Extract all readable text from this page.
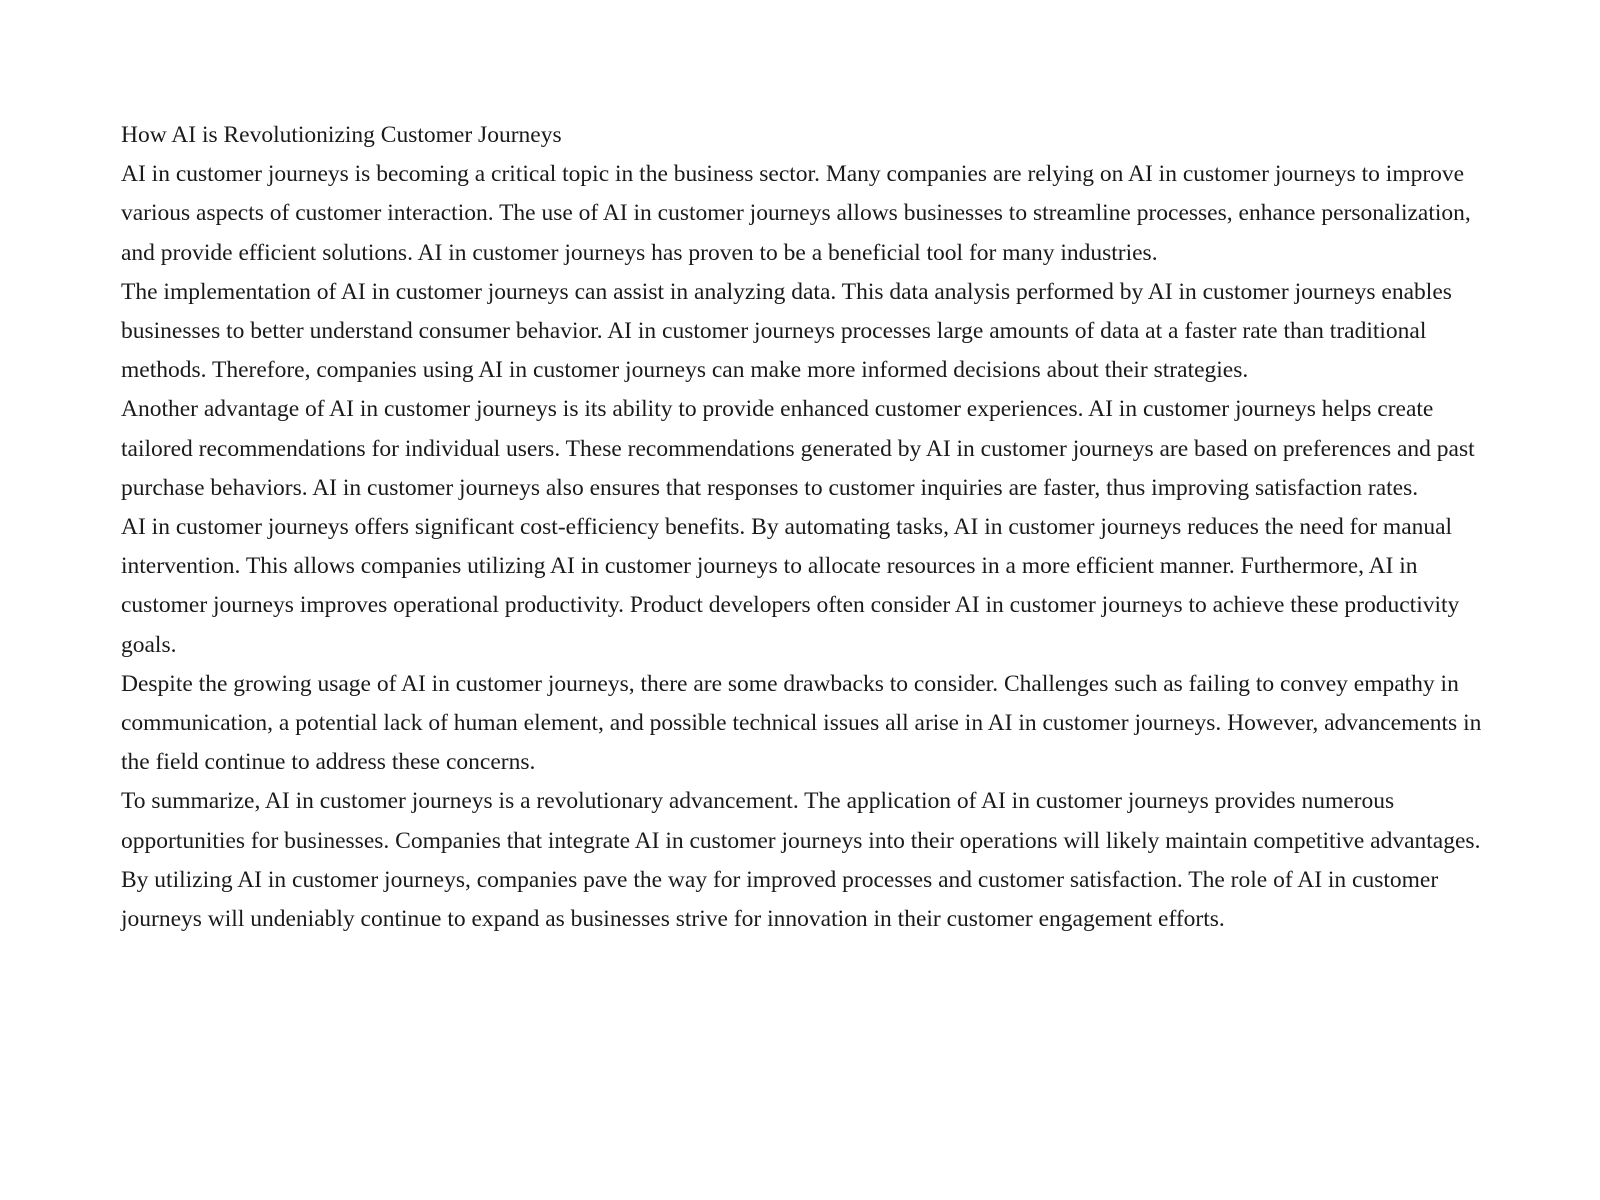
How AI is Revolutionizing Customer Journeys

AI in customer journeys is becoming a critical topic in the business sector. Many companies are relying on AI in customer journeys to improve various aspects of customer interaction. The use of AI in customer journeys allows businesses to streamline processes, enhance personalization, and provide efficient solutions. AI in customer journeys has proven to be a beneficial tool for many industries.

The implementation of AI in customer journeys can assist in analyzing data. This data analysis performed by AI in customer journeys enables businesses to better understand consumer behavior. AI in customer journeys processes large amounts of data at a faster rate than traditional methods. Therefore, companies using AI in customer journeys can make more informed decisions about their strategies.

Another advantage of AI in customer journeys is its ability to provide enhanced customer experiences. AI in customer journeys helps create tailored recommendations for individual users. These recommendations generated by AI in customer journeys are based on preferences and past purchase behaviors. AI in customer journeys also ensures that responses to customer inquiries are faster, thus improving satisfaction rates.

AI in customer journeys offers significant cost-efficiency benefits. By automating tasks, AI in customer journeys reduces the need for manual intervention. This allows companies utilizing AI in customer journeys to allocate resources in a more efficient manner. Furthermore, AI in customer journeys improves operational productivity. Product developers often consider AI in customer journeys to achieve these productivity goals.

Despite the growing usage of AI in customer journeys, there are some drawbacks to consider. Challenges such as failing to convey empathy in communication, a potential lack of human element, and possible technical issues all arise in AI in customer journeys. However, advancements in the field continue to address these concerns.

To summarize, AI in customer journeys is a revolutionary advancement. The application of AI in customer journeys provides numerous opportunities for businesses. Companies that integrate AI in customer journeys into their operations will likely maintain competitive advantages. By utilizing AI in customer journeys, companies pave the way for improved processes and customer satisfaction. The role of AI in customer journeys will undeniably continue to expand as businesses strive for innovation in their customer engagement efforts.
